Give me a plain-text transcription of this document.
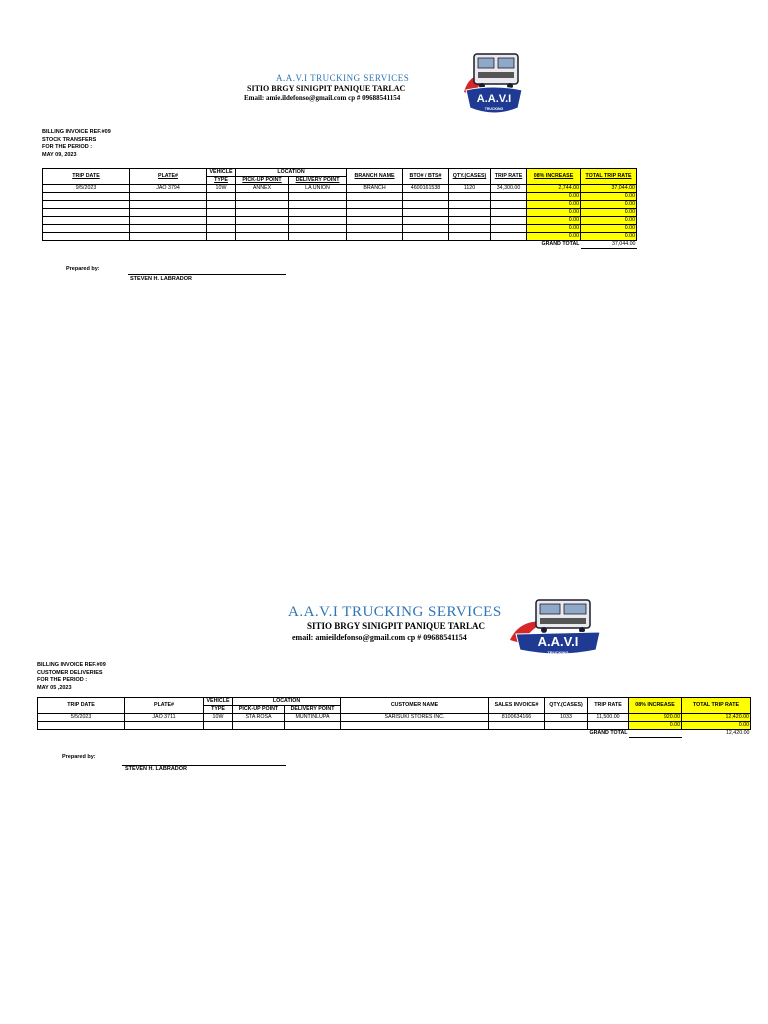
A.A.V.I TRUCKING SERVICES
SITIO BRGY SINIGPIT PANIQUE TARLAC
Email: amie.ildefonso@gmail.com cp # 09688541154	A.A.V.I
TRUCKING
BILLING INVOICE REF.#09
STOCK TRANSFERS
FOR THE PERIOD :
MAY 09, 2023
TRIP DATE	PLATE#	VEHICLE	LOCATION		BRANCH NAME	BTO# / BTS#	QTY.(CASES)	TRIP RATE	08% INCREASE	TOTAL TRIP RATE
		TYPE	PICK-UP POINT	DELIVERY POINT						
9/5/2023	JAO 3794	10W	ANNEX	LA UNION	BRANCH	4600161538	1120	34,300.00	2,744.00	37,044.00
									0.00	0.00
									0.00	0.00
									0.00	0.00
									0.00	0.00
									0.00	0.00
									0.00	0.00
								GRAND TOTAL		37,044.00
Prepared by:
STEVEN H. LABRADOR
A.A.V.I TRUCKING SERVICES
SITIO BRGY SINIGPIT PANIQUE TARLAC
email: amieildefonso@gmail.com cp # 09688541154	A.A.V.I
TRUCKING
BILLING INVOICE REF.#09
CUSTOMER DELIVERIES
FOR THE PERIOD :
MAY 05 ,2023
TRIP DATE	PLATE#	VEHICLE	LOCATION		CUSTOMER NAME	SALES INVOICE#	QTY.(CASES)	TRIP RATE	08% INCREASE	TOTAL TRIP RATE
		TYPE	PICK-UP POINT	DELIVERY POINT						
5/5/2023	JAO 3711	10W	STA ROSA	MUNTINLUPA	SARISUKI STORES INC.	8100634166	1033	11,500.00	920.00	12,420.00
									0.00	0.00
								GRAND TOTAL		12,420.00
Prepared by:
STEVEN H. LABRADOR
